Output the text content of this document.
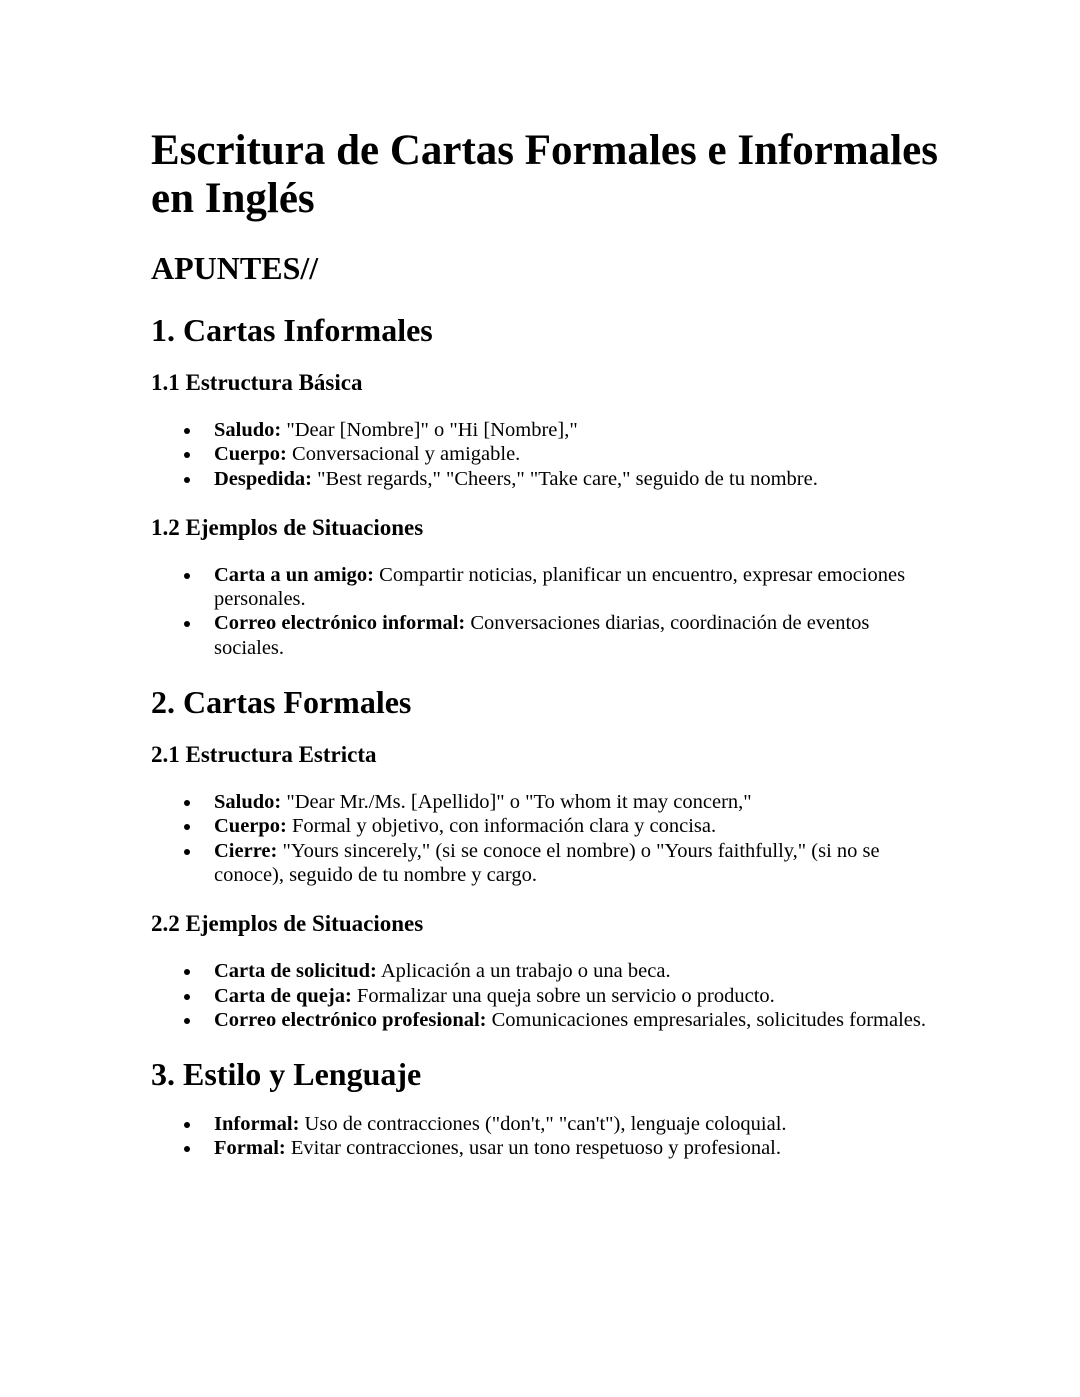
Escritura de Cartas Formales e Informales en Inglés
APUNTES//
1. Cartas Informales
1.1 Estructura Básica
Saludo: "Dear [Nombre]" o "Hi [Nombre],"
Cuerpo: Conversacional y amigable.
Despedida: "Best regards," "Cheers," "Take care," seguido de tu nombre.
1.2 Ejemplos de Situaciones
Carta a un amigo: Compartir noticias, planificar un encuentro, expresar emociones personales.
Correo electrónico informal: Conversaciones diarias, coordinación de eventos sociales.
2. Cartas Formales
2.1 Estructura Estricta
Saludo: "Dear Mr./Ms. [Apellido]" o "To whom it may concern,"
Cuerpo: Formal y objetivo, con información clara y concisa.
Cierre: "Yours sincerely," (si se conoce el nombre) o "Yours faithfully," (si no se conoce), seguido de tu nombre y cargo.
2.2 Ejemplos de Situaciones
Carta de solicitud: Aplicación a un trabajo o una beca.
Carta de queja: Formalizar una queja sobre un servicio o producto.
Correo electrónico profesional: Comunicaciones empresariales, solicitudes formales.
3. Estilo y Lenguaje
Informal: Uso de contracciones ("don't," "can't"), lenguaje coloquial.
Formal: Evitar contracciones, usar un tono respetuoso y profesional.
